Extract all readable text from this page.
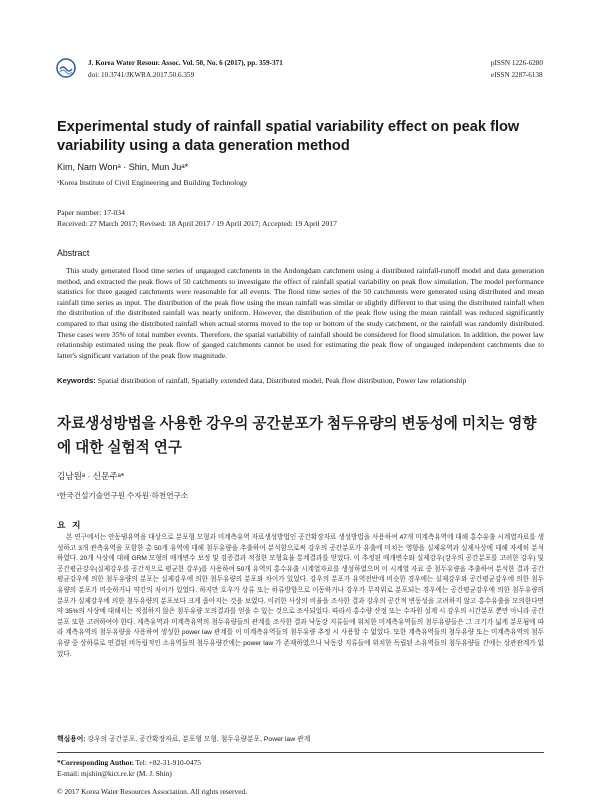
J. Korea Water Resour. Assoc. Vol. 50, No. 6 (2017), pp. 359-371
doi: 10.3741/JKWRA.2017.50.6.359
pISSN 1226-6280
eISSN 2287-6138
Experimental study of rainfall spatial variability effect on peak flow variability using a data generation method
Kim, Nam Wonᵃ · Shin, Mun Juᵃ*
ᵃKorea Institute of Civil Engineering and Building Technology
Paper number: 17-034
Received: 27 March 2017; Revised: 18 April 2017 / 19 April 2017; Accepted: 19 April 2017
Abstract
This study generated flood time series of ungauged catchments in the Andongdam catchment using a distributed rainfall-runoff model and data generation method, and extracted the peak flows of 50 catchments to investigate the effect of rainfall spatial variability on peak flow simulation. The model performance statistics for three gauged catchments were reasonable for all events. The flood time series of the 50 catchments were generated using distributed and mean rainfall time series as input. The distribution of the peak flow using the mean rainfall was similar or slightly different to that using the distributed rainfall when the distribution of the distributed rainfall was nearly uniform. However, the distribution of the peak flow using the mean rainfall was reduced significantly compared to that using the distributed rainfall when actual storms moved to the top or bottom of the study catchment, or the rainfall was randomly distributed. These cases were 35% of total number events. Therefore, the spatial variability of rainfall should be considered for flood simulation. In addition, the power law relationship estimated using the peak flow of gauged catchments cannot be used for estimating the peak flow of ungauged independent catchments due to latter's significant variation of the peak flow magnitude.
Keywords: Spatial distribution of rainfall, Spatially extended data, Distributed model, Peak flow distribution, Power law relationship
자료생성방법을 사용한 강우의 공간분포가 첨두유량의 변동성에 미치는 영향에 대한 실험적 연구
김남원ᵃ · 신문주ᵃ*
ᵃ한국건설기술연구원 수자원·하천연구소
요 지
본 연구에서는 안동댐유역을 대상으로 분포형 모형과 미계측유역 자료생성방법인 공간확장자료 생성방법을 사용하여 47개 미계측유역에 대해 홍수유출 시계열자료를 생성하고 3개 관측유역을 포함한 총 50개 유역에 대해 첨두유량을 추출하여 분석함으로써 강우의 공간분포가 유출에 미치는 영향을 실제유역과 실제사상에 대해 자세히 분석하였다. 20개 사상에 대해 GRM 모형의 매개변수 보정 및 검증결과 적절한 모형효율 통계결과를 얻었다. 이 추정된 매개변수와 실제강우(강우의 공간분포를 고려한 강우) 및 공간평균강우(실제강우를 공간적으로 평균한 강우)를 사용하여 50개 유역의 홍수유출 시계열자료를 생성하였으며 이 시계열 자료 중 첨두유량을 추출하여 분석한 결과 공간평균강우에 의한 첨두유량의 분포는 실제강우에 의한 첨두유량의 분포와 차이가 있었다. 강우의 분포가 유역전반에 비슷한 경우에는 실제강우와 공간평균강우에 의한 첨두유량의 분포가 비슷하거나 약간의 차이가 있었다. 하지만 호우가 상류 또는 하류방향으로 이동하거나 강우가 무작위로 분포되는 경우에는 공간평균강우에 의한 첨두유량의 분포가 실제강우에 의한 첨두유량의 분포보다 크게 좁아지는 것을 보였다. 이러한 사상의 비율을 조사한 결과 강우의 공간적 변동성을 고려하지 않고 홍수유출을 모의한다면 약 35%의 사상에 대해서는 적절하지 않은 첨두유량 모의결과를 얻을 수 있는 것으로 조사되었다. 따라서 홍수량 산정 또는 수자원 설계 시 강우의 시간분포 뿐만 아니라 공간분포 또한 고려하여야 한다. 계측유역과 미계측유역의 첨두유량들의 관계를 조사한 결과 낙동강 지류들에 위치한 미계측유역들의 첨두유량들은 그 크기가 넓게 분포됨에 따라 계측유역의 첨두유량을 사용하여 생성한 power law 관계를 이 미계측유역들의 첨두유량 추정 시 사용할 수 없었다. 또한 계측유역들의 첨두유량 또는 미계측유역의 첨두유량 중 상하류로 연결된 비독립적인 소유역들의 첨두유량간에는 power law 가 존재하였으나 낙동강 지류들에 위치한 독립된 소유역들의 첨두유량들 간에는 상관관계가 없었다.
핵심용어: 강우의 공간분포, 공간확장자료, 분포형 모형, 첨두유량분포, Power law 관계
*Corresponding Author. Tel: +82-31-910-0475
E-mail: mjshin@kict.re.kr (M. J. Shin)
© 2017 Korea Water Resources Association. All rights reserved.
